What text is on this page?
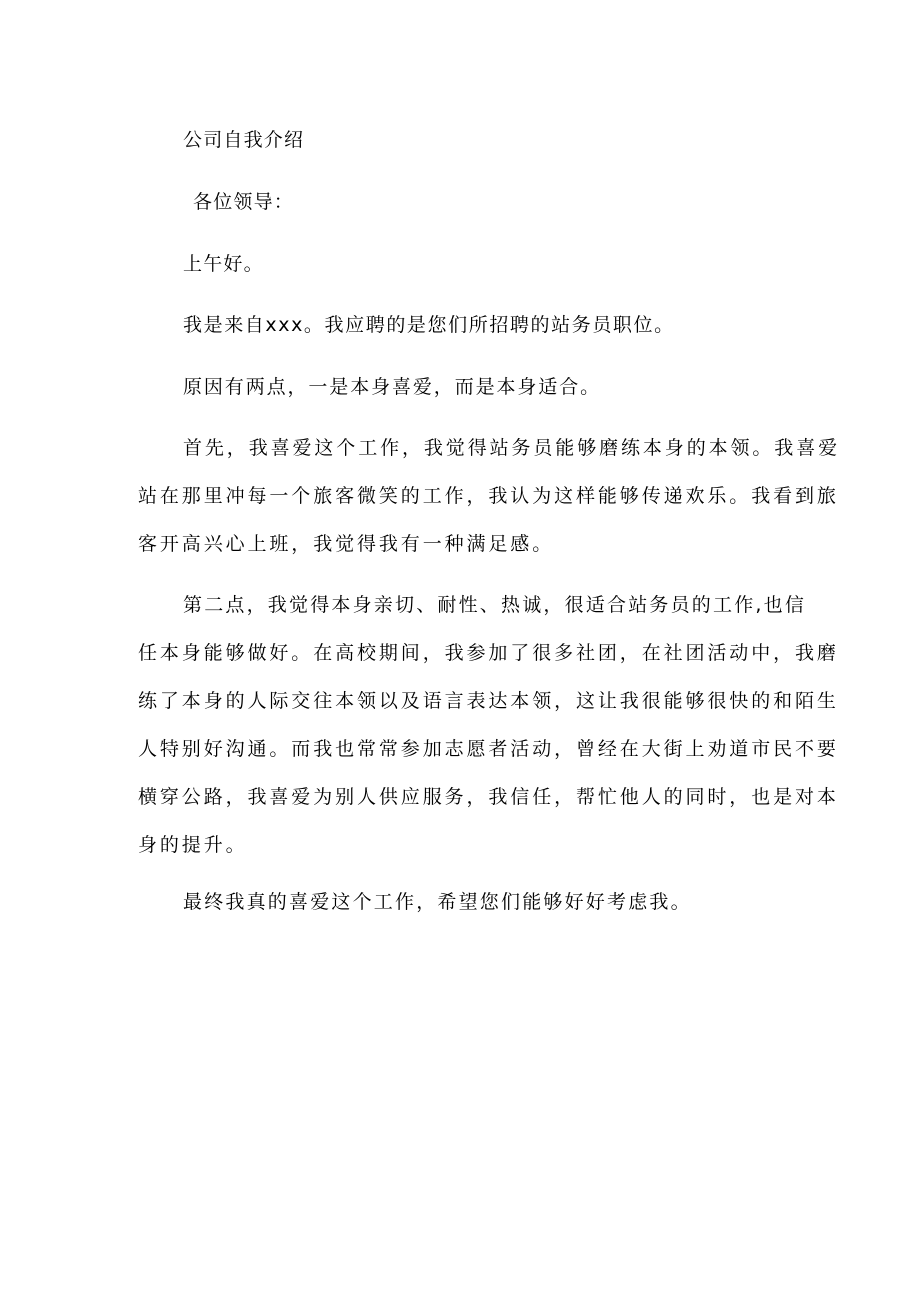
公司自我介绍
各位领导：
上午好。
我是来自xxx。我应聘的是您们所招聘的站务员职位。
原因有两点，一是本身喜爱，而是本身适合。
首先，我喜爱这个工作，我觉得站务员能够磨练本身的本领。我喜爱
站在那里冲每一个旅客微笑的工作，我认为这样能够传递欢乐。我看到旅
客开高兴心上班，我觉得我有一种满足感。
第二点，我觉得本身亲切、耐性、热诚，很适合站务员的工作,也信
任本身能够做好。在高校期间，我参加了很多社团，在社团活动中，我磨
练了本身的人际交往本领以及语言表达本领，这让我很能够很快的和陌生
人特别好沟通。而我也常常参加志愿者活动，曾经在大街上劝道市民不要
横穿公路，我喜爱为别人供应服务，我信任，帮忙他人的同时，也是对本
身的提升。
最终我真的喜爱这个工作，希望您们能够好好考虑我。
